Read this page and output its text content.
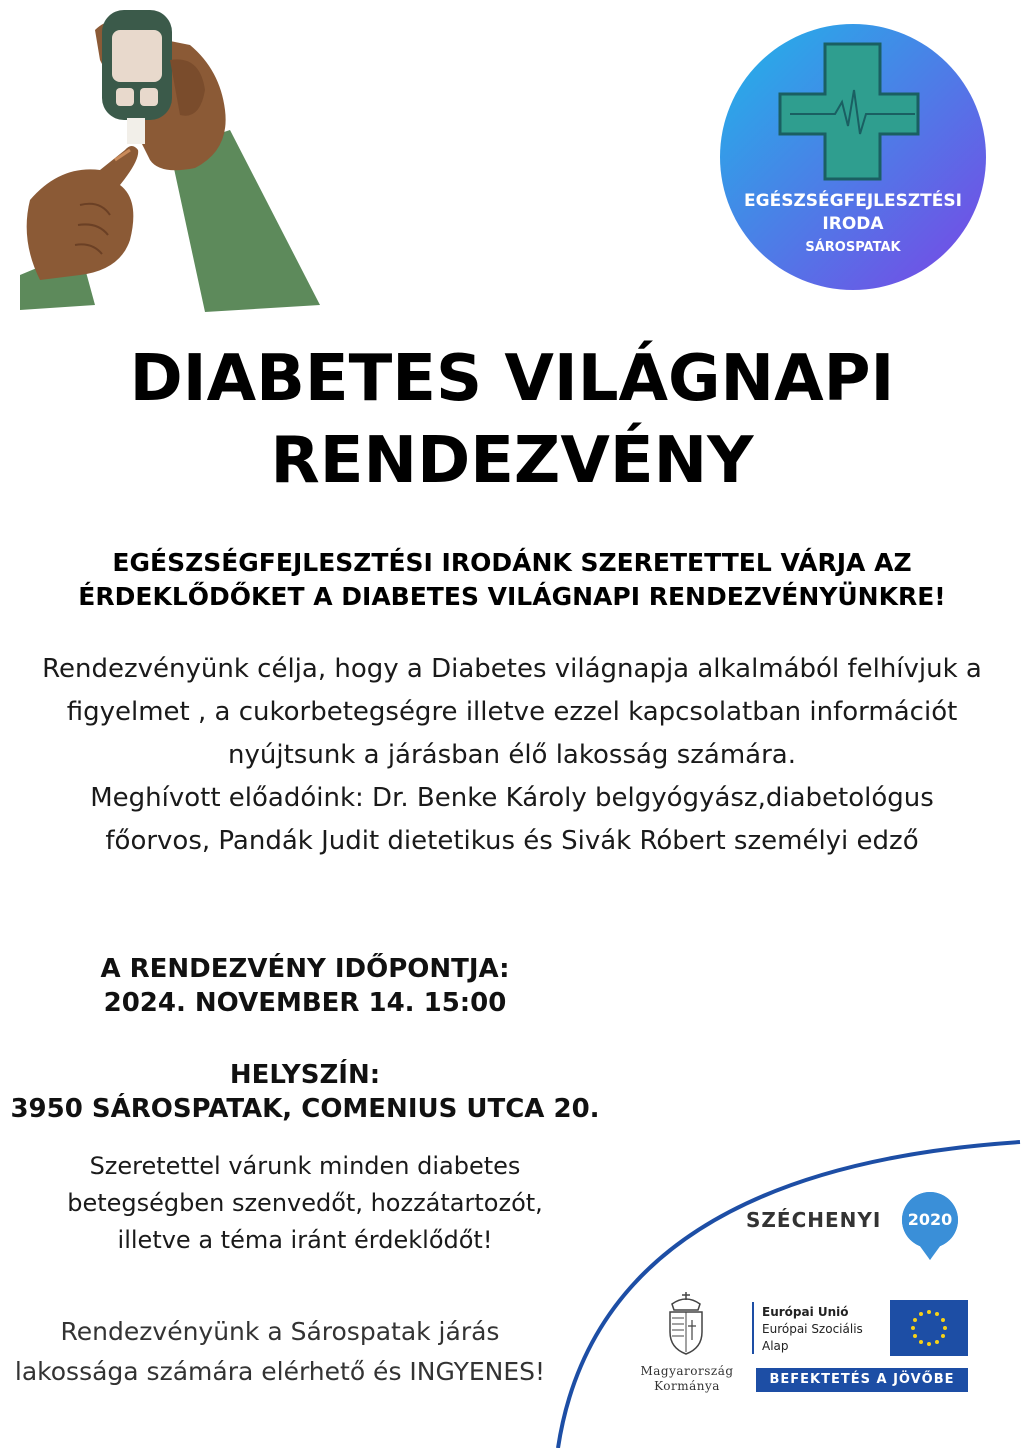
EGÉSZSÉGFEJLESZTÉSI
IRODA
SÁROSPATAK
DIABETES VILÁGNAPI
RENDEZVÉNY
EGÉSZSÉGFEJLESZTÉSI IRODÁNK SZERETETTEL VÁRJA AZ
ÉRDEKLŐDŐKET A DIABETES VILÁGNAPI RENDEZVÉNYÜNKRE!
Rendezvényünk célja, hogy a Diabetes világnapja alkalmából felhívjuk a
figyelmet , a cukorbetegségre illetve ezzel kapcsolatban információt
nyújtsunk a járásban élő lakosság számára.
Meghívott előadóink: Dr. Benke Károly belgyógyász,diabetológus
főorvos, Pandák Judit dietetikus és Sivák Róbert személyi edző
A RENDEZVÉNY IDŐPONTJA:
2024. NOVEMBER 14. 15:00
HELYSZÍN:
3950 SÁROSPATAK, COMENIUS UTCA 20.
Szeretettel várunk minden diabetes
betegségben szenvedőt, hozzátartozót,
illetve a téma iránt érdeklődőt!
Rendezvényünk a Sárospatak járás
lakossága számára elérhető és INGYENES!
SZÉCHENYI	2020
Magyarország
Kormánya
Európai Unió
Európai Szociális
Alap
BEFEKTETÉS A JÖVŐBE
